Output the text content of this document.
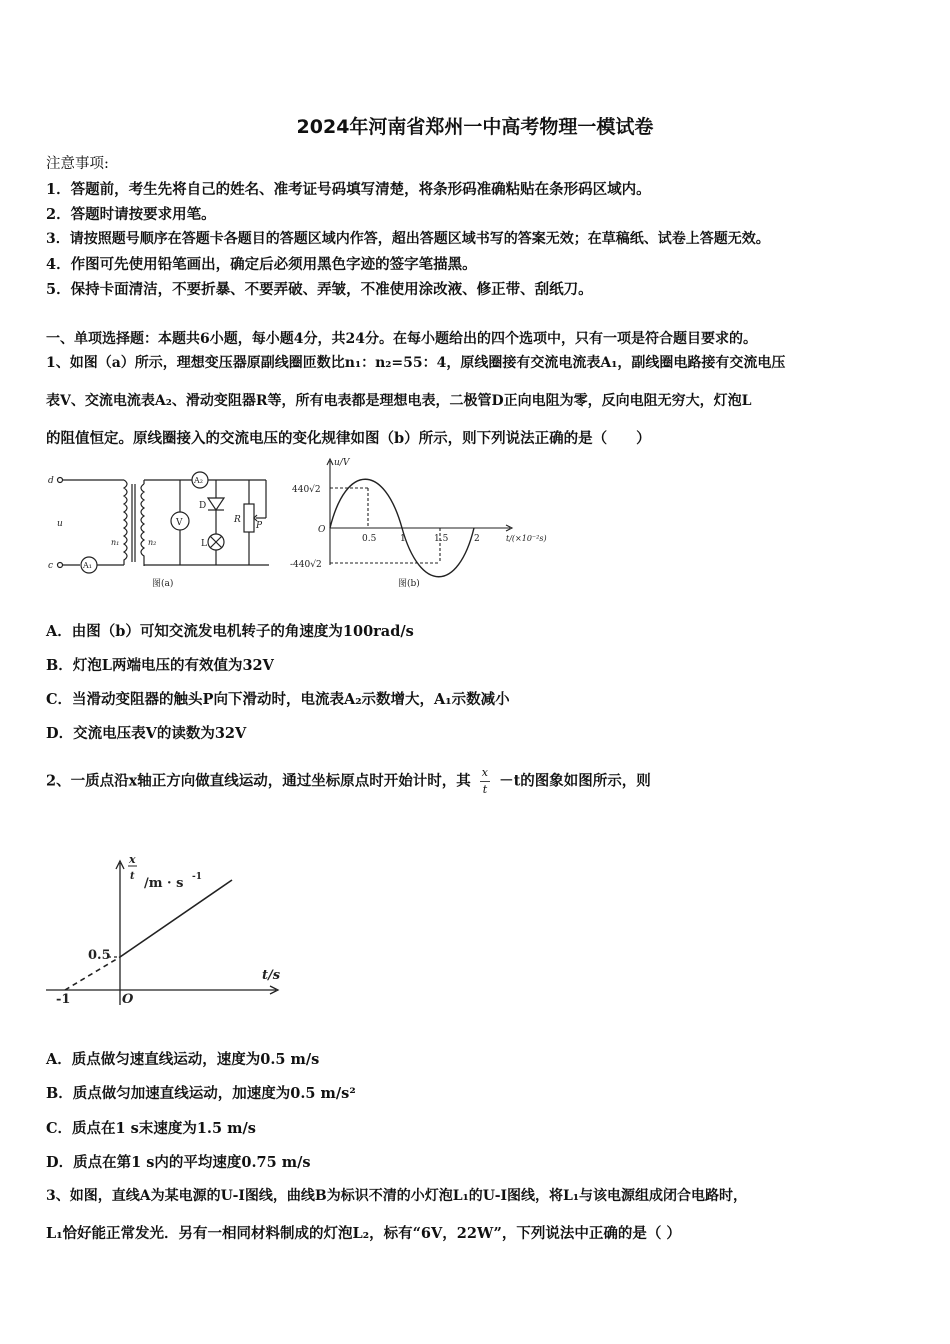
2024年河南省郑州一中高考物理一模试卷
注意事项:
1．答题前，考生先将自己的姓名、准考证号码填写清楚，将条形码准确粘贴在条形码区域内。
2．答题时请按要求用笔。
3．请按照题号顺序在答题卡各题目的答题区域内作答，超出答题区域书写的答案无效；在草稿纸、试卷上答题无效。
4．作图可先使用铅笔画出，确定后必须用黑色字迹的签字笔描黑。
5．保持卡面清洁，不要折暴、不要弄破、弄皱，不准使用涂改液、修正带、刮纸刀。
一、单项选择题：本题共6小题，每小题4分，共24分。在每小题给出的四个选项中，只有一项是符合题目要求的。
1、如图（a）所示，理想变压器原副线圈匝数比n₁：n₂=55：4，原线圈接有交流电流表A₁，副线圈电路接有交流电压
表V、交流电流表A₂、滑动变阻器R等，所有电表都是理想电表，二极管D正向电阻为零，反向电阻无穷大，灯泡L
的阻值恒定。原线圈接入的交流电压的变化规律如图（b）所示，则下列说法正确的是（　　）
d
c
u
A₁
A₂
n₁	n₂
V
D
L
R
P
图(a)
u/V
440√2
-440√2
O
0.5	1	1.5	2	t/(×10⁻²s)
图(b)
A．由图（b）可知交流发电机转子的角速度为100rad/s
B．灯泡L两端电压的有效值为32V
C．当滑动变阻器的触头P向下滑动时，电流表A₂示数增大，A₁示数减小
D．交流电压表V的读数为32V
2、一质点沿x轴正方向做直线运动，通过坐标原点时开始计时，其 $\frac{x}{t} -t$的图象如图所示，则
x
t /m · s -1
0.5
t/s
-1	O
A．质点做匀速直线运动，速度为0.5 m/s
B．质点做匀加速直线运动，加速度为0.5 m/s²
C．质点在1 s末速度为1.5 m/s
D．质点在第1 s内的平均速度0.75 m/s
3、如图，直线A为某电源的U-I图线，曲线B为标识不清的小灯泡L₁的U-I图线，将L₁与该电源组成闭合电路时，
L₁恰好能正常发光．另有一相同材料制成的灯泡L₂，标有“6V，22W”，下列说法中正确的是（ ）
